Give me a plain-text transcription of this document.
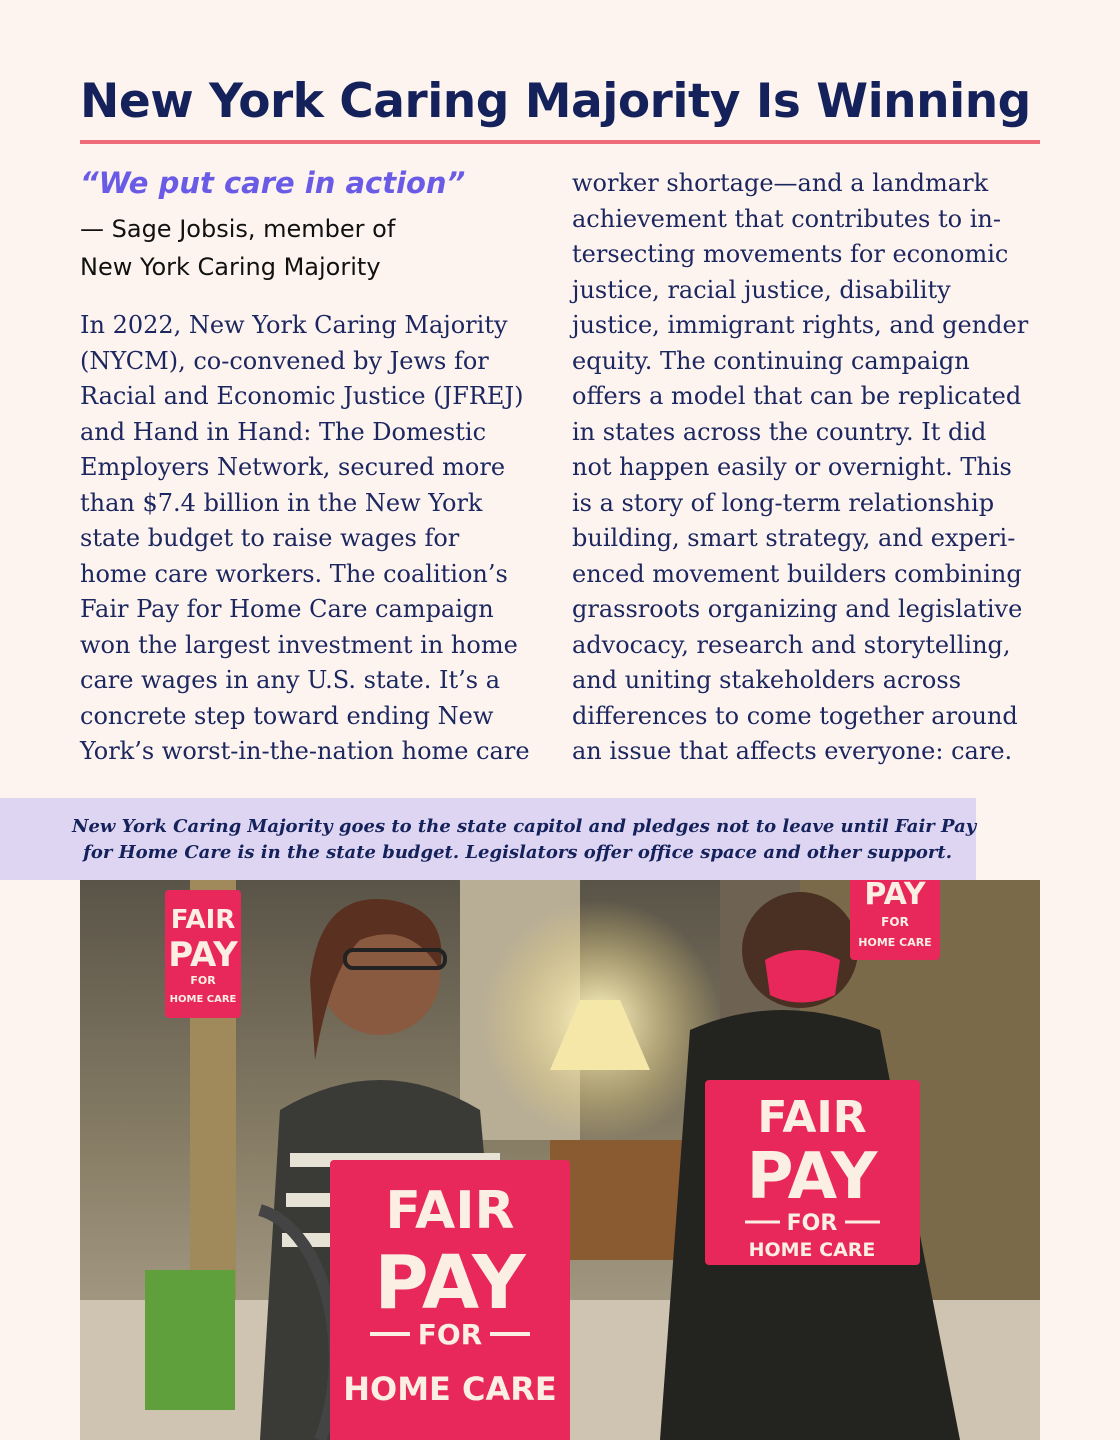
New York Caring Majority Is Winning

“We put care in action”

— Sage Jobsis, member of
New York Caring Majority

In 2022, New York Caring Majority
(NYCM), co-convened by Jews for
Racial and Economic Justice (JFREJ)
and Hand in Hand: The Domestic
Employers Network, secured more
than $7.4 billion in the New York
state budget to raise wages for
home care workers. The coalition’s
Fair Pay for Home Care campaign
won the largest investment in home
care wages in any U.S. state. It’s a
concrete step toward ending New
York’s worst-in-the-nation home care
worker shortage—and a landmark
achievement that contributes to in-
tersecting movements for economic
justice, racial justice, disability
justice, immigrant rights, and gender
equity. The continuing campaign
offers a model that can be replicated
in states across the country. It did
not happen easily or overnight. This
is a story of long-term relationship
building, smart strategy, and experi-
enced movement builders combining
grassroots organizing and legislative
advocacy, research and storytelling,
and uniting stakeholders across
differences to come together around
an issue that affects everyone: care.

New York Caring Majority goes to the state capitol and pledges not to leave until Fair Pay
for Home Care is in the state budget. Legislators offer office space and other support.

FAIR
PAY
FOR
HOME CARE
PAY
FOR
HOME CARE
FAIR
PAY
FOR
HOME CARE
FAIR
PAY
FOR
HOME CARE
